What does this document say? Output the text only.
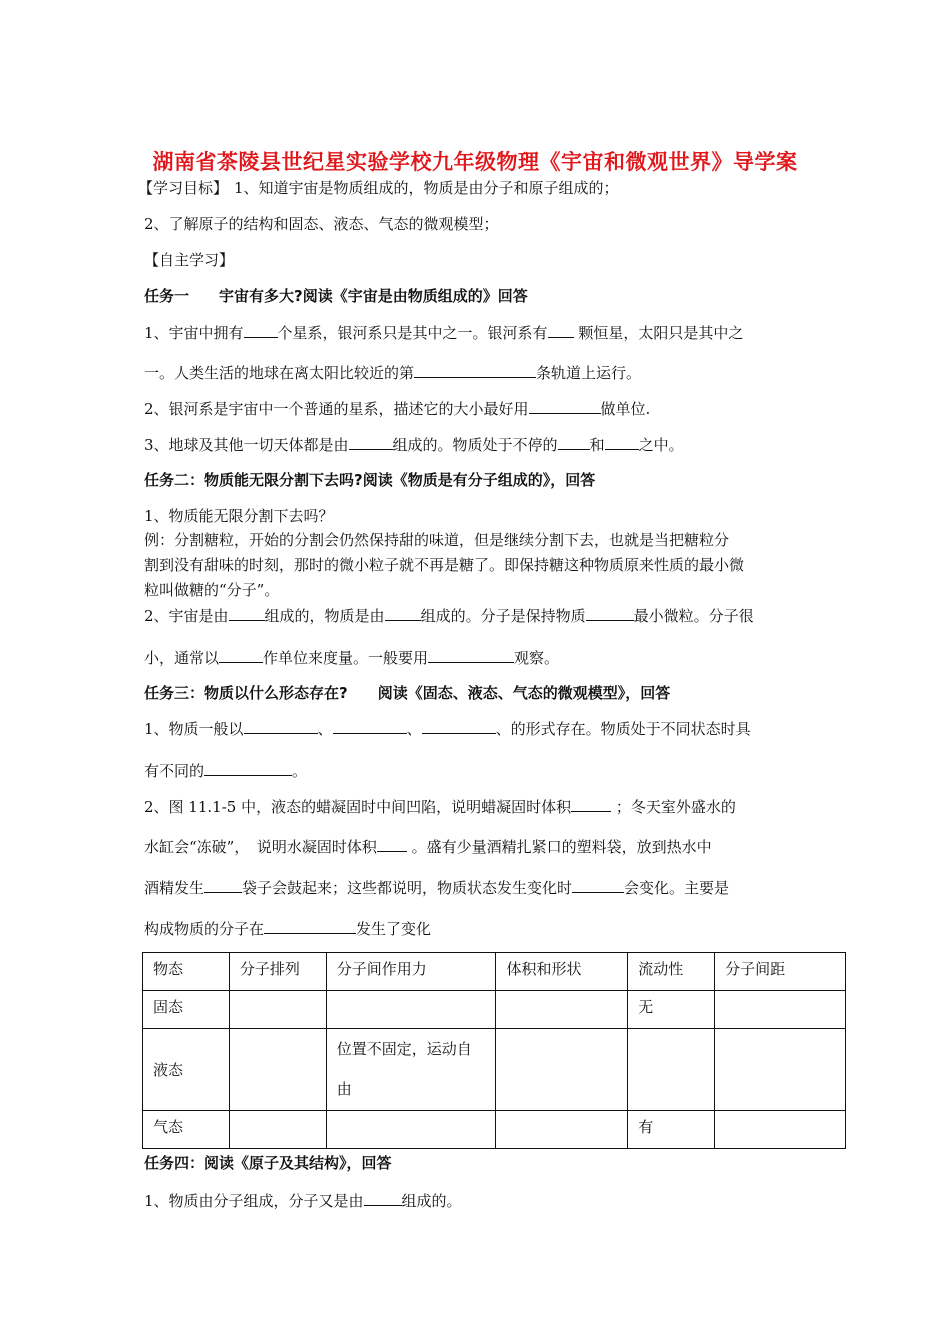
湖南省茶陵县世纪星实验学校九年级物理《宇宙和微观世界》导学案
【学习目标】 1、知道宇宙是物质组成的，物质是由分子和原子组成的；
2、了解原子的结构和固态、液态、气态的微观模型；
【自主学习】
任务一　　宇宙有多大?阅读《宇宙是由物质组成的》回答
1、宇宙中拥有 个星系，银河系只是其中之一。银河系有 颗恒星，太阳只是其中之
一。人类生活的地球在离太阳比较近的第	条轨道上运行。
2、银河系是宇宙中一个普通的星系，描述它的大小最好用	做单位.
3、地球及其他一切天体都是由	组成的。物质处于不停的 和 之中。
任务二：物质能无限分割下去吗?阅读《物质是有分子组成的》，回答
1、物质能无限分割下去吗？
例：分割糖粒，开始的分割会仍然保持甜的味道，但是继续分割下去，也就是当把糖粒分
割到没有甜味的时刻，那时的微小粒子就不再是糖了。即保持糖这种物质原来性质的最小微
粒叫做糖的“分子”。
2、宇宙是由 组成的，物质是由 组成的。分子是保持物质	最小微粒。分子很
小，通常以	作单位来度量。一般要用	观察。
任务三：物质以什么形态存在?　　阅读《固态、液态、气态的微观模型》，回答
1、物质一般以	、	、	、的形式存在。物质处于不同状态时具
有不同的	。
2、图 11.1-5 中，液态的蜡凝固时中间凹陷，说明蜡凝固时体积	；冬天室外盛水的
水缸会“冻破”，　说明水凝固时体积 。盛有少量酒精扎紧口的塑料袋，放到热水中
酒精发生	袋子会鼓起来；这些都说明，物质状态发生变化时	会变化。主要是
构成物质的分子在	发生了变化
物态	分子排列	分子间作用力	体积和形状	流动性	分子间距
固态				无	
液态		位置不固定，运动自由			
气态				有	
任务四：阅读《原子及其结构》，回答
1、物质由分子组成，分子又是由	组成的。
